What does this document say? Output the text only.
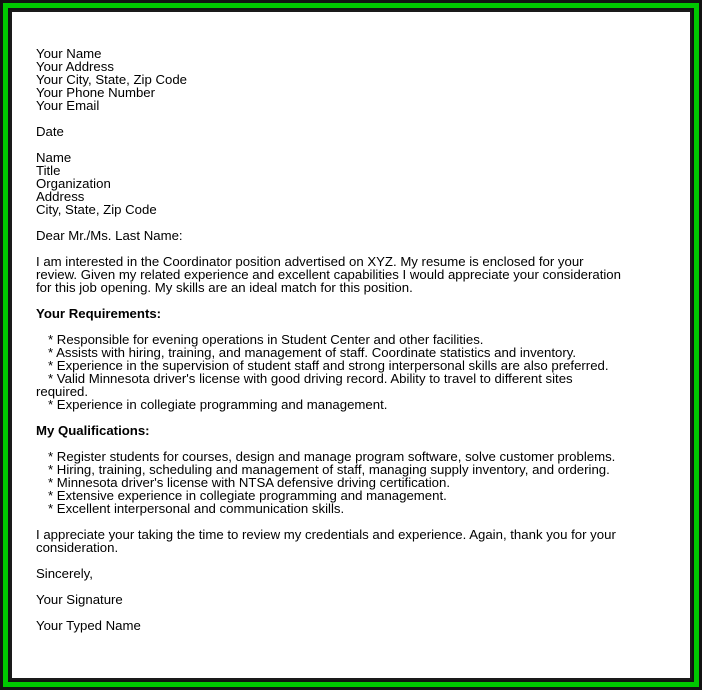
Your Name
Your Address
Your City, State, Zip Code
Your Phone Number
Your Email
Date
Name
Title
Organization
Address
City, State, Zip Code
Dear Mr./Ms. Last Name:
I am interested in the Coordinator position advertised on XYZ. My resume is enclosed for your
review. Given my related experience and excellent capabilities I would appreciate your consideration
for this job opening. My skills are an ideal match for this position.
Your Requirements:
* Responsible for evening operations in Student Center and other facilities.
* Assists with hiring, training, and management of staff. Coordinate statistics and inventory.
* Experience in the supervision of student staff and strong interpersonal skills are also preferred.
* Valid Minnesota driver's license with good driving record. Ability to travel to different sites
required.
* Experience in collegiate programming and management.
My Qualifications:
* Register students for courses, design and manage program software, solve customer problems.
* Hiring, training, scheduling and management of staff, managing supply inventory, and ordering.
* Minnesota driver's license with NTSA defensive driving certification.
* Extensive experience in collegiate programming and management.
* Excellent interpersonal and communication skills.
I appreciate your taking the time to review my credentials and experience. Again, thank you for your
consideration.
Sincerely,
Your Signature
Your Typed Name
